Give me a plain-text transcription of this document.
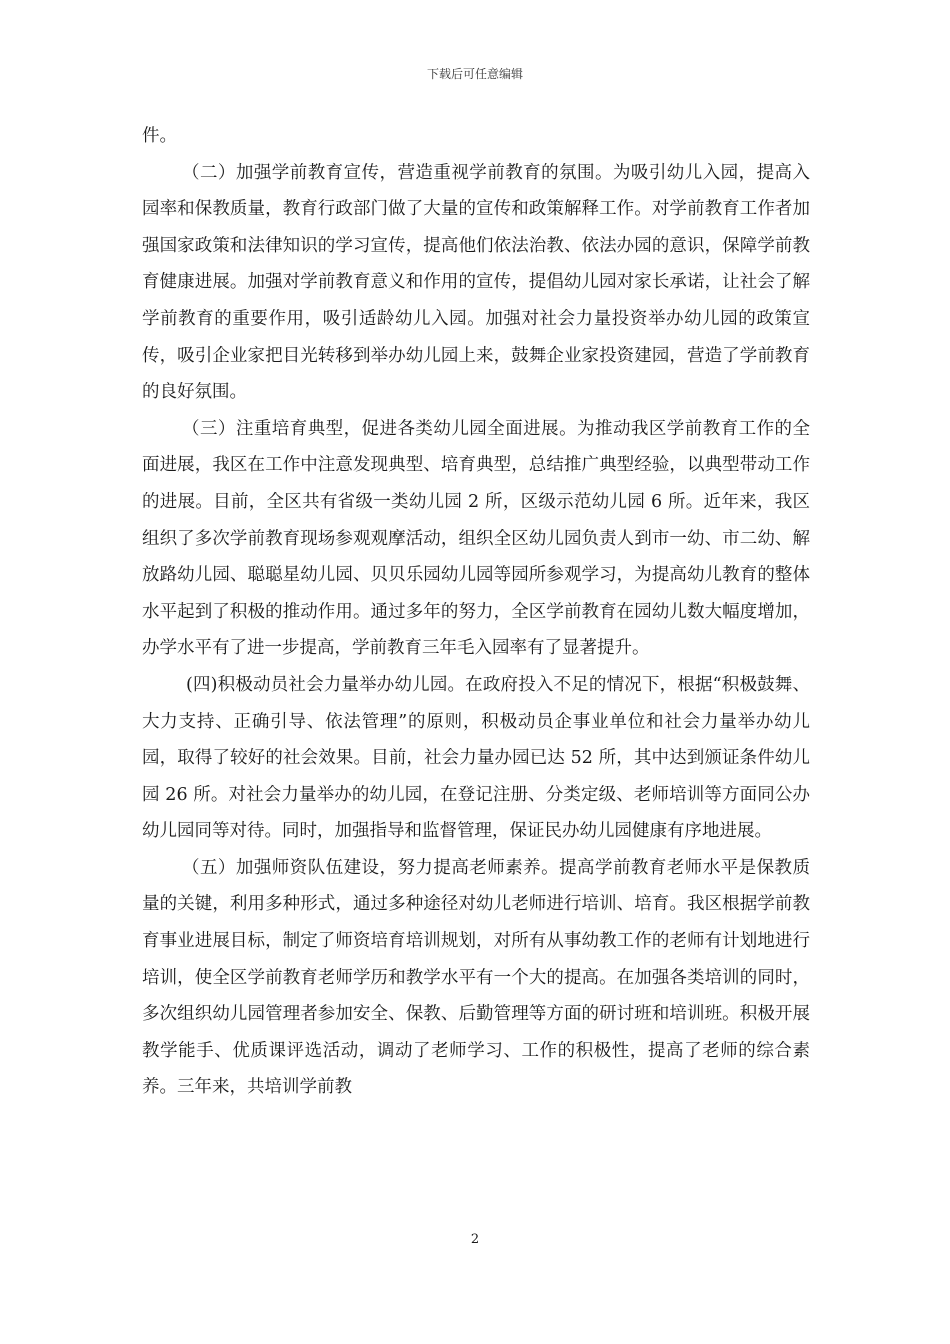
下载后可任意编辑

件。

（二）加强学前教育宣传，营造重视学前教育的氛围。为吸引幼儿入园，提高入园率和保教质量，教育行政部门做了大量的宣传和政策解释工作。对学前教育工作者加强国家政策和法律知识的学习宣传，提高他们依法治教、依法办园的意识，保障学前教育健康进展。加强对学前教育意义和作用的宣传，提倡幼儿园对家长承诺，让社会了解学前教育的重要作用，吸引适龄幼儿入园。加强对社会力量投资举办幼儿园的政策宣传，吸引企业家把目光转移到举办幼儿园上来，鼓舞企业家投资建园，营造了学前教育的良好氛围。

（三）注重培育典型，促进各类幼儿园全面进展。为推动我区学前教育工作的全面进展，我区在工作中注意发现典型、培育典型，总结推广典型经验，以典型带动工作的进展。目前，全区共有省级一类幼儿园 2 所，区级示范幼儿园 6 所。近年来，我区组织了多次学前教育现场参观观摩活动，组织全区幼儿园负责人到市一幼、市二幼、解放路幼儿园、聪聪星幼儿园、贝贝乐园幼儿园等园所参观学习，为提高幼儿教育的整体水平起到了积极的推动作用。通过多年的努力，全区学前教育在园幼儿数大幅度增加，办学水平有了进一步提高，学前教育三年毛入园率有了显著提升。

(四)积极动员社会力量举办幼儿园。在政府投入不足的情况下，根据“积极鼓舞、大力支持、正确引导、依法管理”的原则，积极动员企事业单位和社会力量举办幼儿园，取得了较好的社会效果。目前，社会力量办园已达 52 所，其中达到颁证条件幼儿园 26 所。对社会力量举办的幼儿园，在登记注册、分类定级、老师培训等方面同公办幼儿园同等对待。同时，加强指导和监督管理，保证民办幼儿园健康有序地进展。

（五）加强师资队伍建设，努力提高老师素养。提高学前教育老师水平是保教质量的关键，利用多种形式，通过多种途径对幼儿老师进行培训、培育。我区根据学前教育事业进展目标，制定了师资培育培训规划，对所有从事幼教工作的老师有计划地进行培训，使全区学前教育老师学历和教学水平有一个大的提高。在加强各类培训的同时，多次组织幼儿园管理者参加安全、保教、后勤管理等方面的研讨班和培训班。积极开展教学能手、优质课评选活动，调动了老师学习、工作的积极性，提高了老师的综合素养。三年来，共培训学前教

2
